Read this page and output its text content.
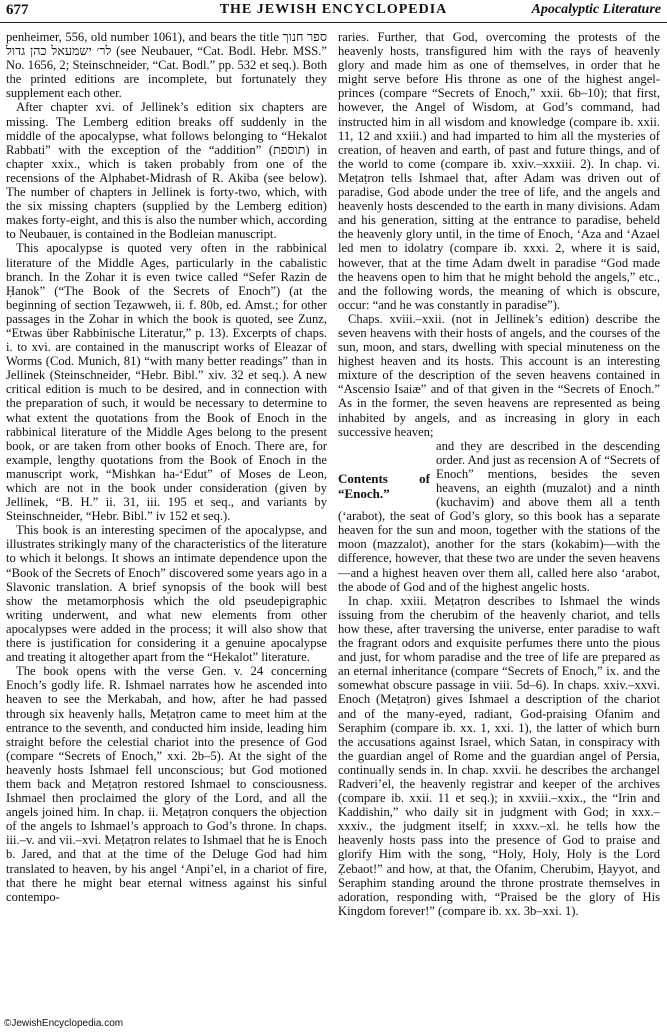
677	THE JEWISH ENCYCLOPEDIA	Apocalyptic Literature

penheimer, 556, old number 1061), and bears the title ספר חנוך לר׳ ישמעאל כהן גדול (see Neubauer, “Cat. Bodl. Hebr. MSS.” No. 1656, 2; Steinschneider, “Cat. Bodl.” pp. 532 et seq.). Both the printed editions are incomplete, but fortunately they supplement each other.

After chapter xvi. of Jellinek’s edition six chapters are missing. The Lemberg edition breaks off suddenly in the middle of the apocalypse, what follows belonging to “Hekalot Rabbati” with the exception of the “addition” (תוספת) in chapter xxix., which is taken probably from one of the recensions of the Alphabet-Midrash of R. Akiba (see below). The number of chapters in Jellinek is forty-two, which, with the six missing chapters (supplied by the Lemberg edition) makes forty-eight, and this is also the number which, according to Neubauer, is contained in the Bodleian manuscript.

This apocalypse is quoted very often in the rabbinical literature of the Middle Ages, particularly in the cabalistic branch. In the Zohar it is even twice called “Sefer Razin de Ḥanok” (“The Book of the Secrets of Enoch”) (at the beginning of section Teẓawweh, ii. f. 80b, ed. Amst.; for other passages in the Zohar in which the book is quoted, see Zunz, “Etwas über Rabbinische Literatur,” p. 13). Excerpts of chaps. i. to xvi. are contained in the manuscript works of Eleazar of Worms (Cod. Munich, 81) “with many better readings” than in Jellinek (Steinschneider, “Hebr. Bibl.” xiv. 32 et seq.). A new critical edition is much to be desired, and in connection with the preparation of such, it would be necessary to determine to what extent the quotations from the Book of Enoch in the rabbinical literature of the Middle Ages belong to the present book, or are taken from other books of Enoch. There are, for example, lengthy quotations from the Book of Enoch in the manuscript work, “Mishkan ha-‘Edut” of Moses de Leon, which are not in the book under consideration (given by Jellinek, “B. H.” ii. 31, iii. 195 et seq., and variants by Steinschneider, “Hebr. Bibl.” iv 152 et seq.).

This book is an interesting specimen of the apocalypse, and illustrates strikingly many of the characteristics of the literature to which it belongs. It shows an intimate dependence upon the “Book of the Secrets of Enoch” discovered some years ago in a Slavonic translation. A brief synopsis of the book will best show the metamorphosis which the old pseudepigraphic writing underwent, and what new elements from other apocalypses were added in the process; it will also show that there is justification for considering it a genuine apocalypse and treating it altogether apart from the “Hekalot” literature.

The book opens with the verse Gen. v. 24 concerning Enoch’s godly life. R. Ishmael narrates how he ascended into heaven to see the Merkabah, and how, after he had passed through six heavenly halls, Meṭaṭron came to meet him at the entrance to the seventh, and conducted him inside, leading him straight before the celestial chariot into the presence of God (compare “Secrets of Enoch,” xxi. 2b–5). At the sight of the heavenly hosts Ishmael fell unconscious; but God motioned them back and Meṭaṭron restored Ishmael to consciousness. Ishmael then proclaimed the glory of the Lord, and all the angels joined him. In chap. ii. Meṭaṭron conquers the objection of the angels to Ishmael’s approach to God’s throne. In chaps. iii.–v. and vii.–xvi. Meṭaṭron relates to Ishmael that he is Enoch b. Jared, and that at the time of the Deluge God had him translated to heaven, by his angel ‘Anpi’el, in a chariot of fire, that there he might bear eternal witness against his sinful contempo-

raries. Further, that God, overcoming the protests of the heavenly hosts, transfigured him with the rays of heavenly glory and made him as one of themselves, in order that he might serve before His throne as one of the highest angel-princes (compare “Secrets of Enoch,” xxii. 6b–10); that first, however, the Angel of Wisdom, at God’s command, had instructed him in all wisdom and knowledge (compare ib. xxii. 11, 12 and xxiii.) and had imparted to him all the mysteries of creation, of heaven and earth, of past and future things, and of the world to come (compare ib. xxiv.–xxxiii. 2). In chap. vi. Meṭaṭron tells Ishmael that, after Adam was driven out of paradise, God abode under the tree of life, and the angels and heavenly hosts descended to the earth in many divisions. Adam and his generation, sitting at the entrance to paradise, beheld the heavenly glory until, in the time of Enoch, ‘Aza and ‘Azael led men to idolatry (compare ib. xxxi. 2, where it is said, however, that at the time Adam dwelt in paradise “God made the heavens open to him that he might behold the angels,” etc., and the following words, the meaning of which is obscure, occur: “and he was constantly in paradise”).

Chaps. xviii.–xxii. (not in Jellinek’s edition) describe the seven heavens with their hosts of angels, and the courses of the sun, moon, and stars, dwelling with special minuteness on the highest heaven and its hosts. This account is an interesting mixture of the description of the seven heavens contained in “Ascensio Isaiæ” and of that given in the “Secrets of Enoch.” As in the former, the seven heavens are represented as being inhabited by angels, and as increasing in glory in each successive heaven;

Contents of “Enoch.”

and they are described in the descending order. And just as recension A of “Secrets of Enoch” mentions, besides the seven heavens, an eighth (muzalot) and a ninth (kuchavim) and above them all a tenth (‘arabot), the seat of God’s glory, so this book has a separate heaven for the sun and moon, together with the stations of the moon (mazzalot), another for the stars (kokabim)—with the difference, however, that these two are under the seven heavens—and a highest heaven over them all, called here also ‘arabot, the abode of God and of the highest angelic hosts.

In chap. xxiii. Meṭaṭron describes to Ishmael the winds issuing from the cherubim of the heavenly chariot, and tells how these, after traversing the universe, enter paradise to waft the fragrant odors and exquisite perfumes there unto the pious and just, for whom paradise and the tree of life are prepared as an eternal inheritance (compare “Secrets of Enoch,” ix. and the somewhat obscure passage in viii. 5d–6). In chaps. xxiv.–xxvi. Enoch (Meṭaṭron) gives Ishmael a description of the chariot and of the many-eyed, radiant, God-praising Ofanim and Seraphim (compare ib. xx. 1, xxi. 1), the latter of which burn the accusations against Israel, which Satan, in conspiracy with the guardian angel of Rome and the guardian angel of Persia, continually sends in. In chap. xxvii. he describes the archangel Radveri’el, the heavenly registrar and keeper of the archives (compare ib. xxii. 11 et seq.); in xxviii.–xxix., the “Irin and Kaddishin,” who daily sit in judgment with God; in xxx.–xxxiv., the judgment itself; in xxxv.–xl. he tells how the heavenly hosts pass into the presence of God to praise and glorify Him with the song, “Holy, Holy, Holy is the Lord Ẓebaot!” and how, at that, the Ofanim, Cherubim, Ḥayyot, and Seraphim standing around the throne prostrate themselves in adoration, responding with, “Praised be the glory of His Kingdom forever!” (compare ib. xx. 3b–xxi. 1).

©JewishEncyclopedia.com
